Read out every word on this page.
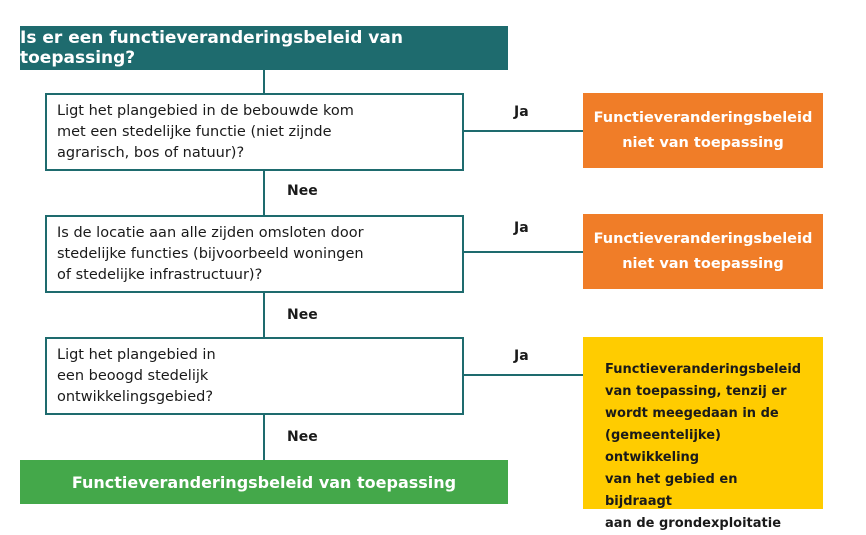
Is er een functieveranderingsbeleid van toepassing?
Ligt het plangebied in de bebouwde kom
met een stedelijke functie (niet zijnde
agrarisch, bos of natuur)?
Is de locatie aan alle zijden omsloten door
stedelijke functies (bijvoorbeeld woningen
of stedelijke infrastructuur)?
Ligt het plangebied in
een beoogd stedelijk
ontwikkelingsgebied?
Ja
Ja
Ja
Nee
Nee
Nee
Functieveranderingsbeleid
niet van toepassing
Functieveranderingsbeleid
niet van toepassing
Functieveranderingsbeleid
van toepassing, tenzij er
wordt meegedaan in de
(gemeentelijke) ontwikkeling
van het gebied en bijdraagt
aan de grondexploitatie
Functieveranderingsbeleid van toepassing
